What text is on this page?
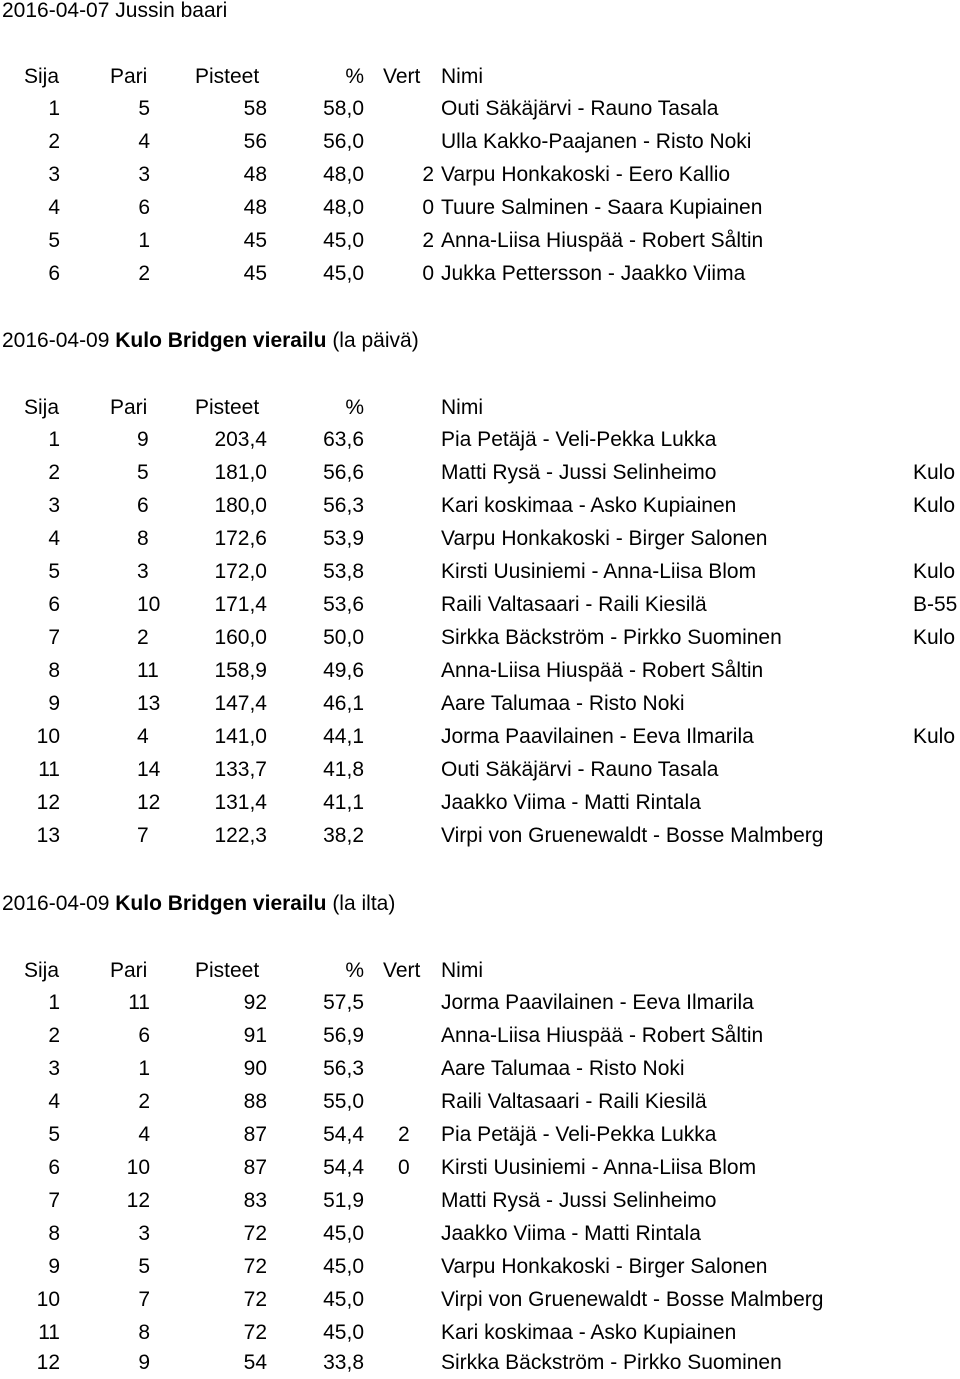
2016-04-07 Jussin baari
Sija Pari Pisteet	% Vert Nimi
1	5	58	58,0	Outi Säkäjärvi - Rauno Tasala
2	4	56	56,0	Ulla Kakko-Paajanen - Risto Noki
3	3	48	48,0	2 Varpu Honkakoski - Eero Kallio
4	6	48	48,0	0 Tuure Salminen - Saara Kupiainen
5	1	45	45,0	2 Anna-Liisa Hiuspää - Robert Såltin
6	2	45	45,0	0 Jukka Pettersson - Jaakko Viima
2016-04-09 Kulo Bridgen vierailu (la päivä)
Sija Pari Pisteet	%	Nimi
1	9	203,4	63,6	Pia Petäjä - Veli-Pekka Lukka
2	5	181,0	56,6	Matti Rysä - Jussi Selinheimo	Kulo
3	6	180,0	56,3	Kari koskimaa - Asko Kupiainen	Kulo
4	8	172,6	53,9	Varpu Honkakoski - Birger Salonen
5	3	172,0	53,8	Kirsti Uusiniemi - Anna-Liisa Blom	Kulo
6	10	171,4	53,6	Raili Valtasaari - Raili Kiesilä	B-55
7	2	160,0	50,0	Sirkka Bäckström - Pirkko Suominen	Kulo
8	11	158,9	49,6	Anna-Liisa Hiuspää - Robert Såltin
9	13	147,4	46,1	Aare Talumaa - Risto Noki
10	4	141,0	44,1	Jorma Paavilainen - Eeva Ilmarila	Kulo
11	14	133,7	41,8	Outi Säkäjärvi - Rauno Tasala
12	12	131,4	41,1	Jaakko Viima - Matti Rintala
13	7	122,3	38,2	Virpi von Gruenewaldt - Bosse Malmberg
2016-04-09 Kulo Bridgen vierailu (la ilta)
Sija Pari Pisteet	% Vert Nimi
1	11	92	57,5	Jorma Paavilainen - Eeva Ilmarila
2	6	91	56,9	Anna-Liisa Hiuspää - Robert Såltin
3	1	90	56,3	Aare Talumaa - Risto Noki
4	2	88	55,0	Raili Valtasaari - Raili Kiesilä
5	4	87	54,4 2 Pia Petäjä - Veli-Pekka Lukka
6	10	87	54,4 0 Kirsti Uusiniemi - Anna-Liisa Blom
7	12	83	51,9	Matti Rysä - Jussi Selinheimo
8	3	72	45,0	Jaakko Viima - Matti Rintala
9	5	72	45,0	Varpu Honkakoski - Birger Salonen
10	7	72	45,0	Virpi von Gruenewaldt - Bosse Malmberg
11	8	72	45,0	Kari koskimaa - Asko Kupiainen
12	9	54	33,8	Sirkka Bäckström - Pirkko Suominen
